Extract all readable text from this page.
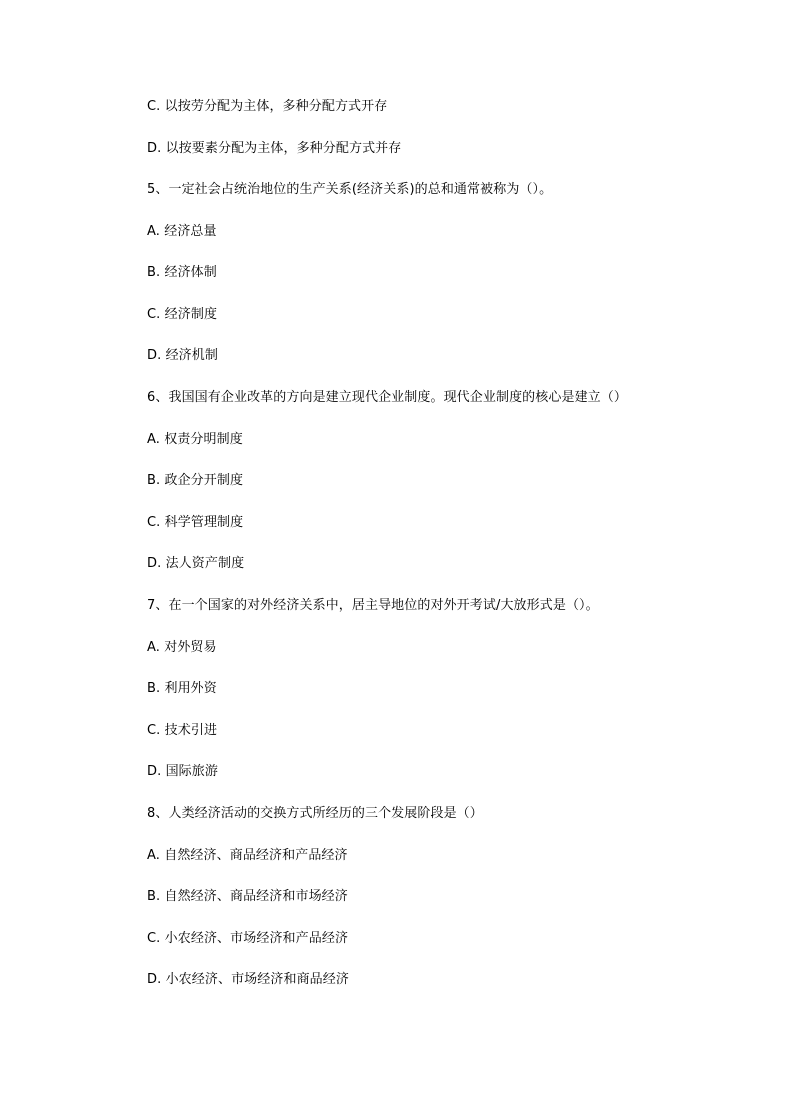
C. 以按劳分配为主体，多种分配方式开存
D. 以按要素分配为主体，多种分配方式并存
5、一定社会占统治地位的生产关系(经济关系)的总和通常被称为（）。
A. 经济总量
B. 经济体制
C. 经济制度
D. 经济机制
6、我国国有企业改革的方向是建立现代企业制度。现代企业制度的核心是建立（）
A. 权责分明制度
B. 政企分开制度
C. 科学管理制度
D. 法人资产制度
7、在一个国家的对外经济关系中，居主导地位的对外开考试/大放形式是（）。
A. 对外贸易
B. 利用外资
C. 技术引进
D. 国际旅游
8、人类经济活动的交换方式所经历的三个发展阶段是（）
A. 自然经济、商品经济和产品经济
B. 自然经济、商品经济和市场经济
C. 小农经济、市场经济和产品经济
D. 小农经济、市场经济和商品经济
